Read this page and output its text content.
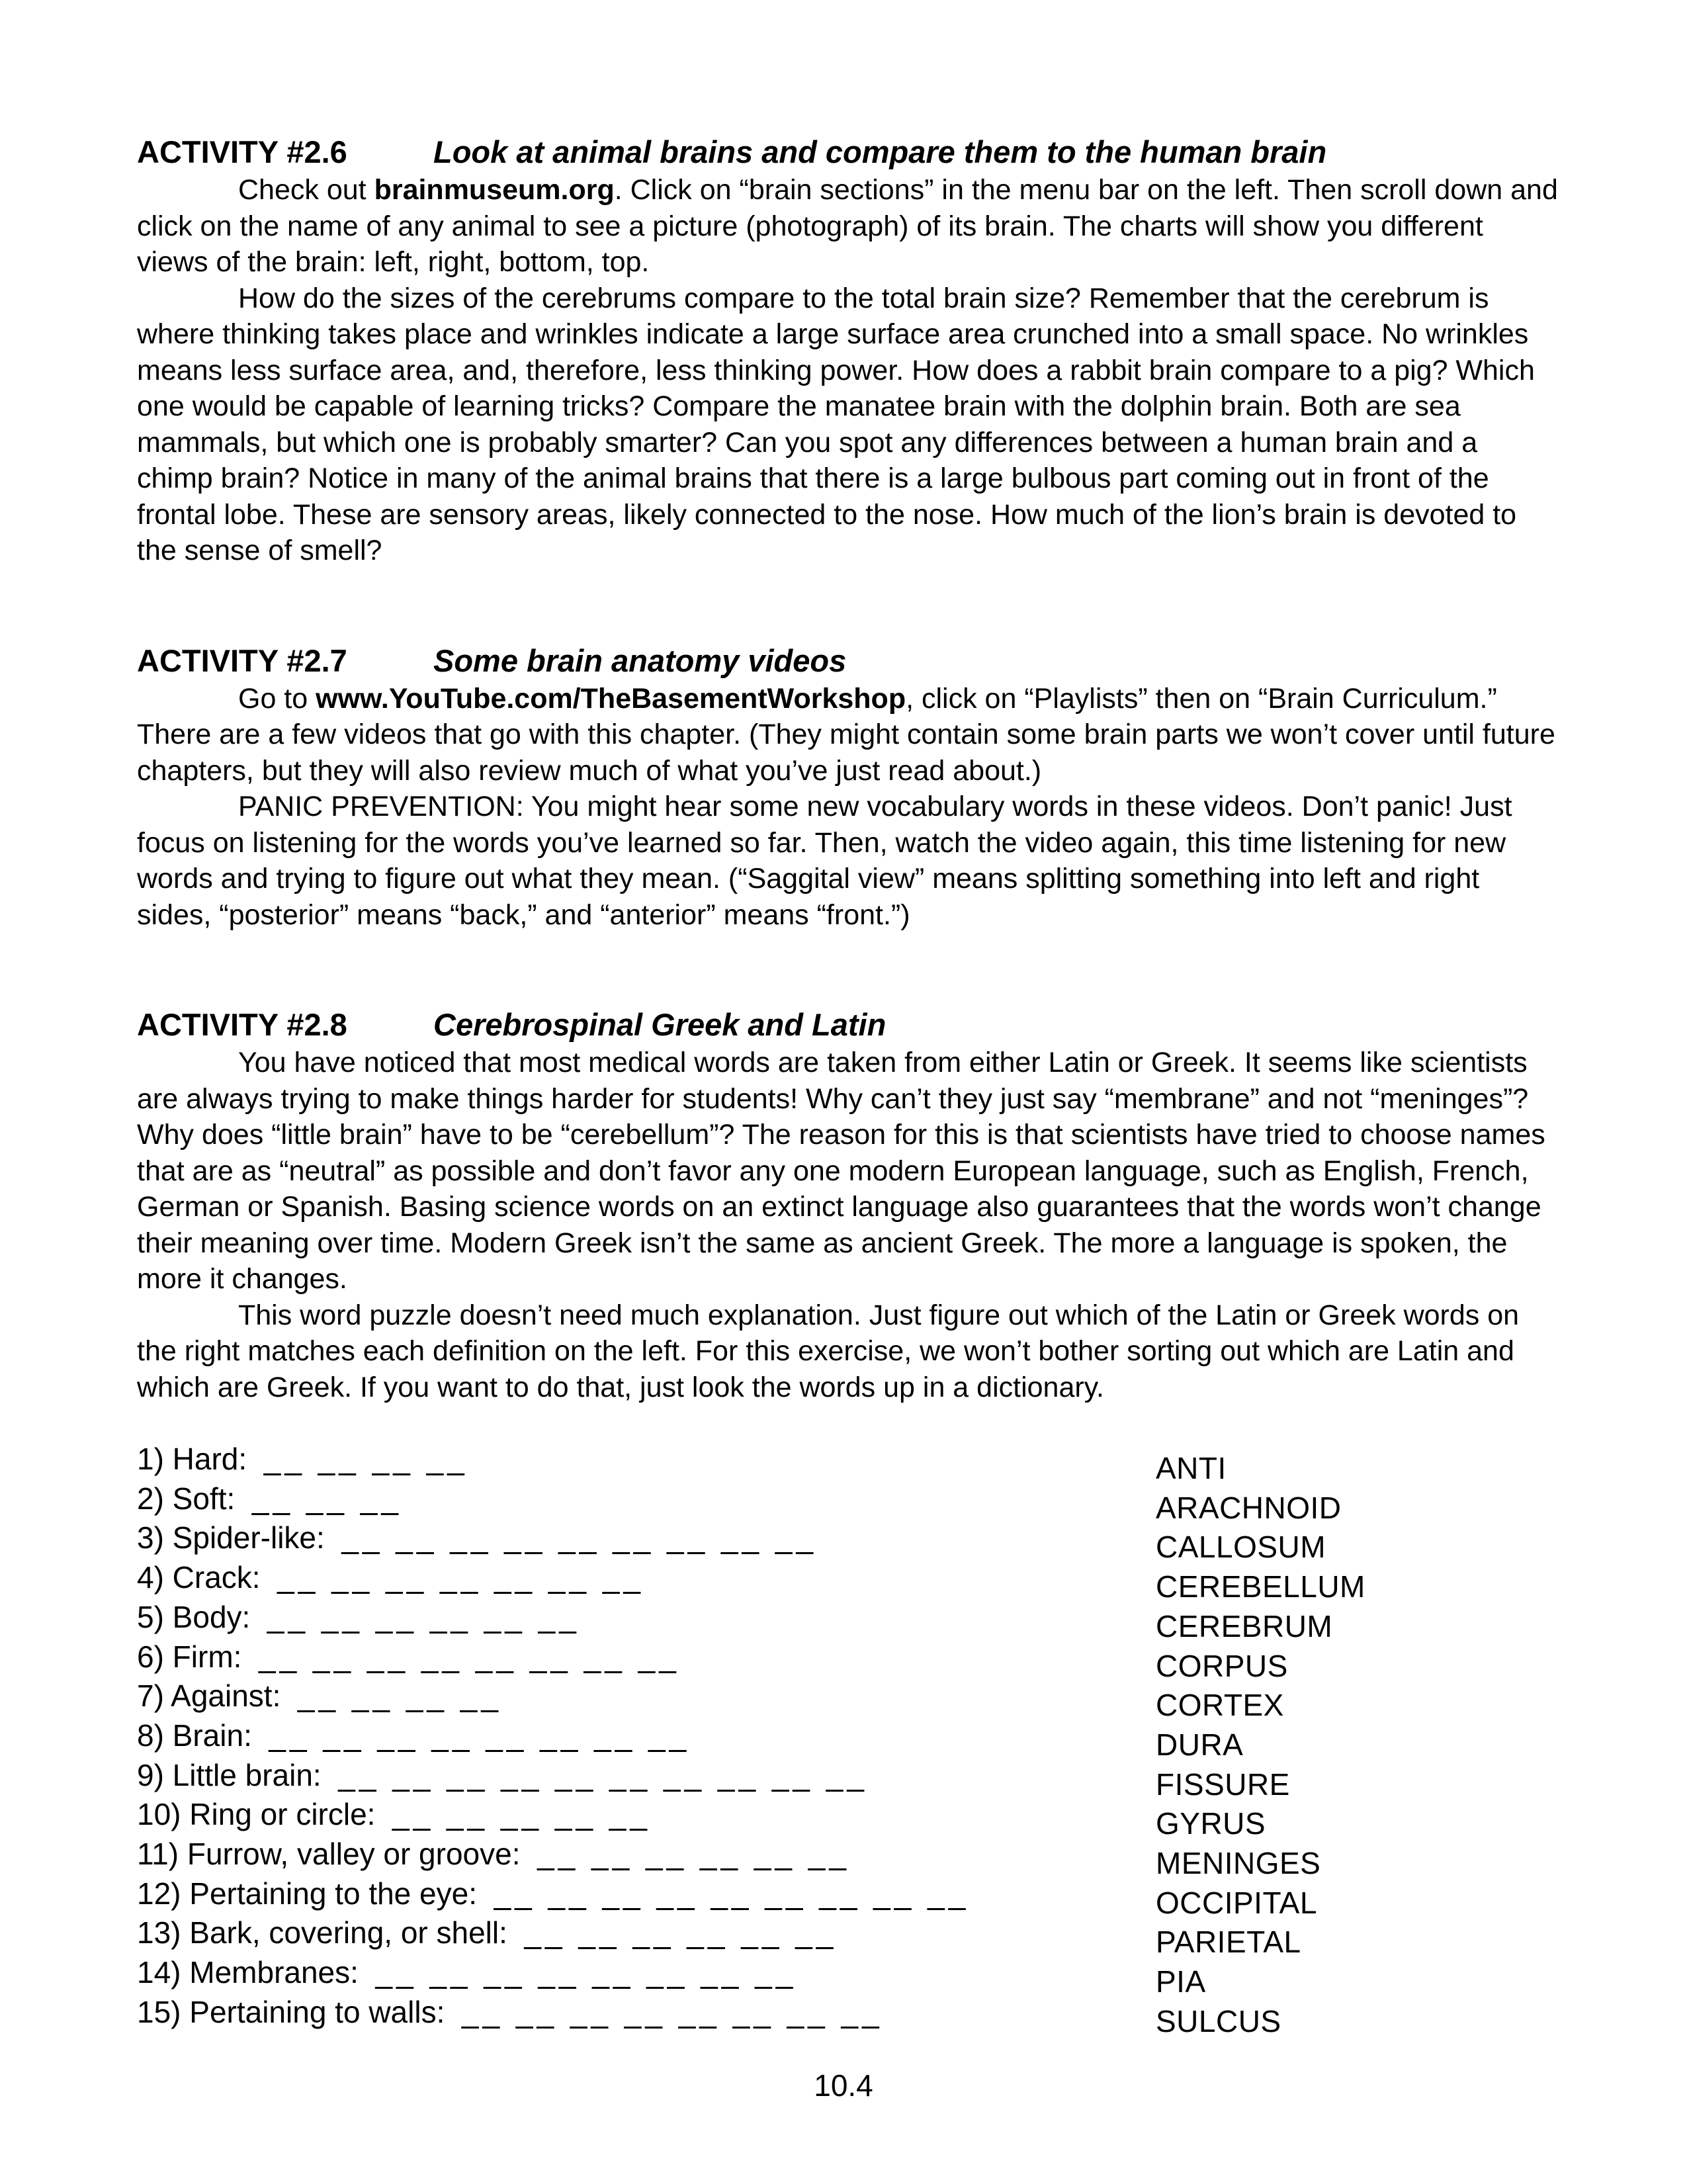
ACTIVITY #2.6	Look at animal brains and compare them to the human brain

Check out brainmuseum.org. Click on “brain sections” in the menu bar on the left. Then scroll down and click on the name of any animal to see a picture (photograph) of its brain. The charts will show you different views of the brain: left, right, bottom, top.

How do the sizes of the cerebrums compare to the total brain size? Remember that the cerebrum is where thinking takes place and wrinkles indicate a large surface area crunched into a small space. No wrinkles means less surface area, and, therefore, less thinking power. How does a rabbit brain compare to a pig? Which one would be capable of learning tricks? Compare the manatee brain with the dolphin brain. Both are sea mammals, but which one is probably smarter? Can you spot any differences between a human brain and a chimp brain? Notice in many of the animal brains that there is a large bulbous part coming out in front of the frontal lobe. These are sensory areas, likely connected to the nose. How much of the lion’s brain is devoted to the sense of smell?

ACTIVITY #2.7	Some brain anatomy videos

Go to www.YouTube.com/TheBasementWorkshop, click on “Playlists” then on “Brain Curriculum.” There are a few videos that go with this chapter. (They might contain some brain parts we won’t cover until future chapters, but they will also review much of what you’ve just read about.)

PANIC PREVENTION: You might hear some new vocabulary words in these videos. Don’t panic! Just focus on listening for the words you’ve learned so far. Then, watch the video again, this time listening for new words and trying to figure out what they mean. (“Saggital view” means splitting something into left and right sides, “posterior” means “back,” and “anterior” means “front.”)

ACTIVITY #2.8	Cerebrospinal Greek and Latin

You have noticed that most medical words are taken from either Latin or Greek. It seems like scientists are always trying to make things harder for students! Why can’t they just say “membrane” and not “meninges”? Why does “little brain” have to be “cerebellum”? The reason for this is that scientists have tried to choose names that are as “neutral” as possible and don’t favor any one modern European language, such as English, French, German or Spanish. Basing science words on an extinct language also guarantees that the words won’t change their meaning over time. Modern Greek isn’t the same as ancient Greek. The more a language is spoken, the more it changes.

This word puzzle doesn’t need much explanation. Just figure out which of the Latin or Greek words on the right matches each definition on the left. For this exercise, we won’t bother sorting out which are Latin and which are Greek. If you want to do that, just look the words up in a dictionary.

1) Hard: __ __ __ __
2) Soft: __ __ __
3) Spider-like: __ __ __ __ __ __ __ __ __
4) Crack: __ __ __ __ __ __ __
5) Body: __ __ __ __ __ __
6) Firm: __ __ __ __ __ __ __ __
7) Against: __ __ __ __
8) Brain: __ __ __ __ __ __ __ __
9) Little brain: __ __ __ __ __ __ __ __ __ __
10) Ring or circle: __ __ __ __ __
11) Furrow, valley or groove: __ __ __ __ __ __
12) Pertaining to the eye: __ __ __ __ __ __ __ __ __
13) Bark, covering, or shell: __ __ __ __ __ __
14) Membranes: __ __ __ __ __ __ __ __
15) Pertaining to walls: __ __ __ __ __ __ __ __
ANTI
ARACHNOID
CALLOSUM
CEREBELLUM
CEREBRUM
CORPUS
CORTEX
DURA
FISSURE
GYRUS
MENINGES
OCCIPITAL
PARIETAL
PIA
SULCUS
10.4
